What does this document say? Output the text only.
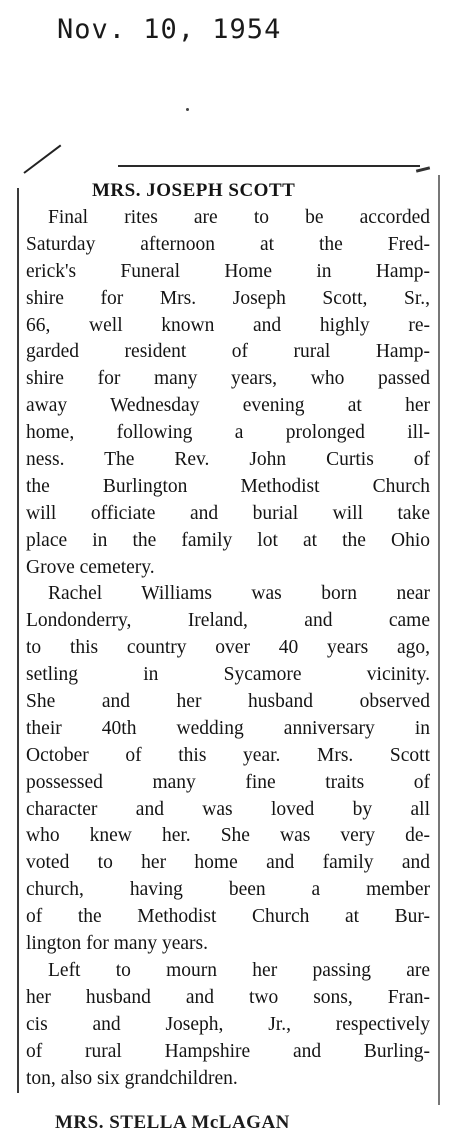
Nov. 10, 1954
MRS. JOSEPH SCOTT
Final rites are to be accorded
Saturday afternoon at the Fred-
erick's Funeral Home in Hamp-
shire for Mrs. Joseph Scott, Sr.,
66, well known and highly re-
garded resident of rural Hamp-
shire for many years, who passed
away Wednesday evening at her
home, following a prolonged ill-
ness. The Rev. John Curtis of
the Burlington Methodist Church
will officiate and burial will take
place in the family lot at the Ohio
Grove cemetery.
Rachel Williams was born near
Londonderry, Ireland, and came
to this country over 40 years ago,
setling in Sycamore vicinity.
She and her husband observed
their 40th wedding anniversary in
October of this year. Mrs. Scott
possessed many fine traits of
character and was loved by all
who knew her. She was very de-
voted to her home and family and
church, having been a member
of the Methodist Church at Bur-
lington for many years.
Left to mourn her passing are
her husband and two sons, Fran-
cis and Joseph, Jr., respectively
of rural Hampshire and Burling-
ton, also six grandchildren.
MRS. STELLA McLAGAN
